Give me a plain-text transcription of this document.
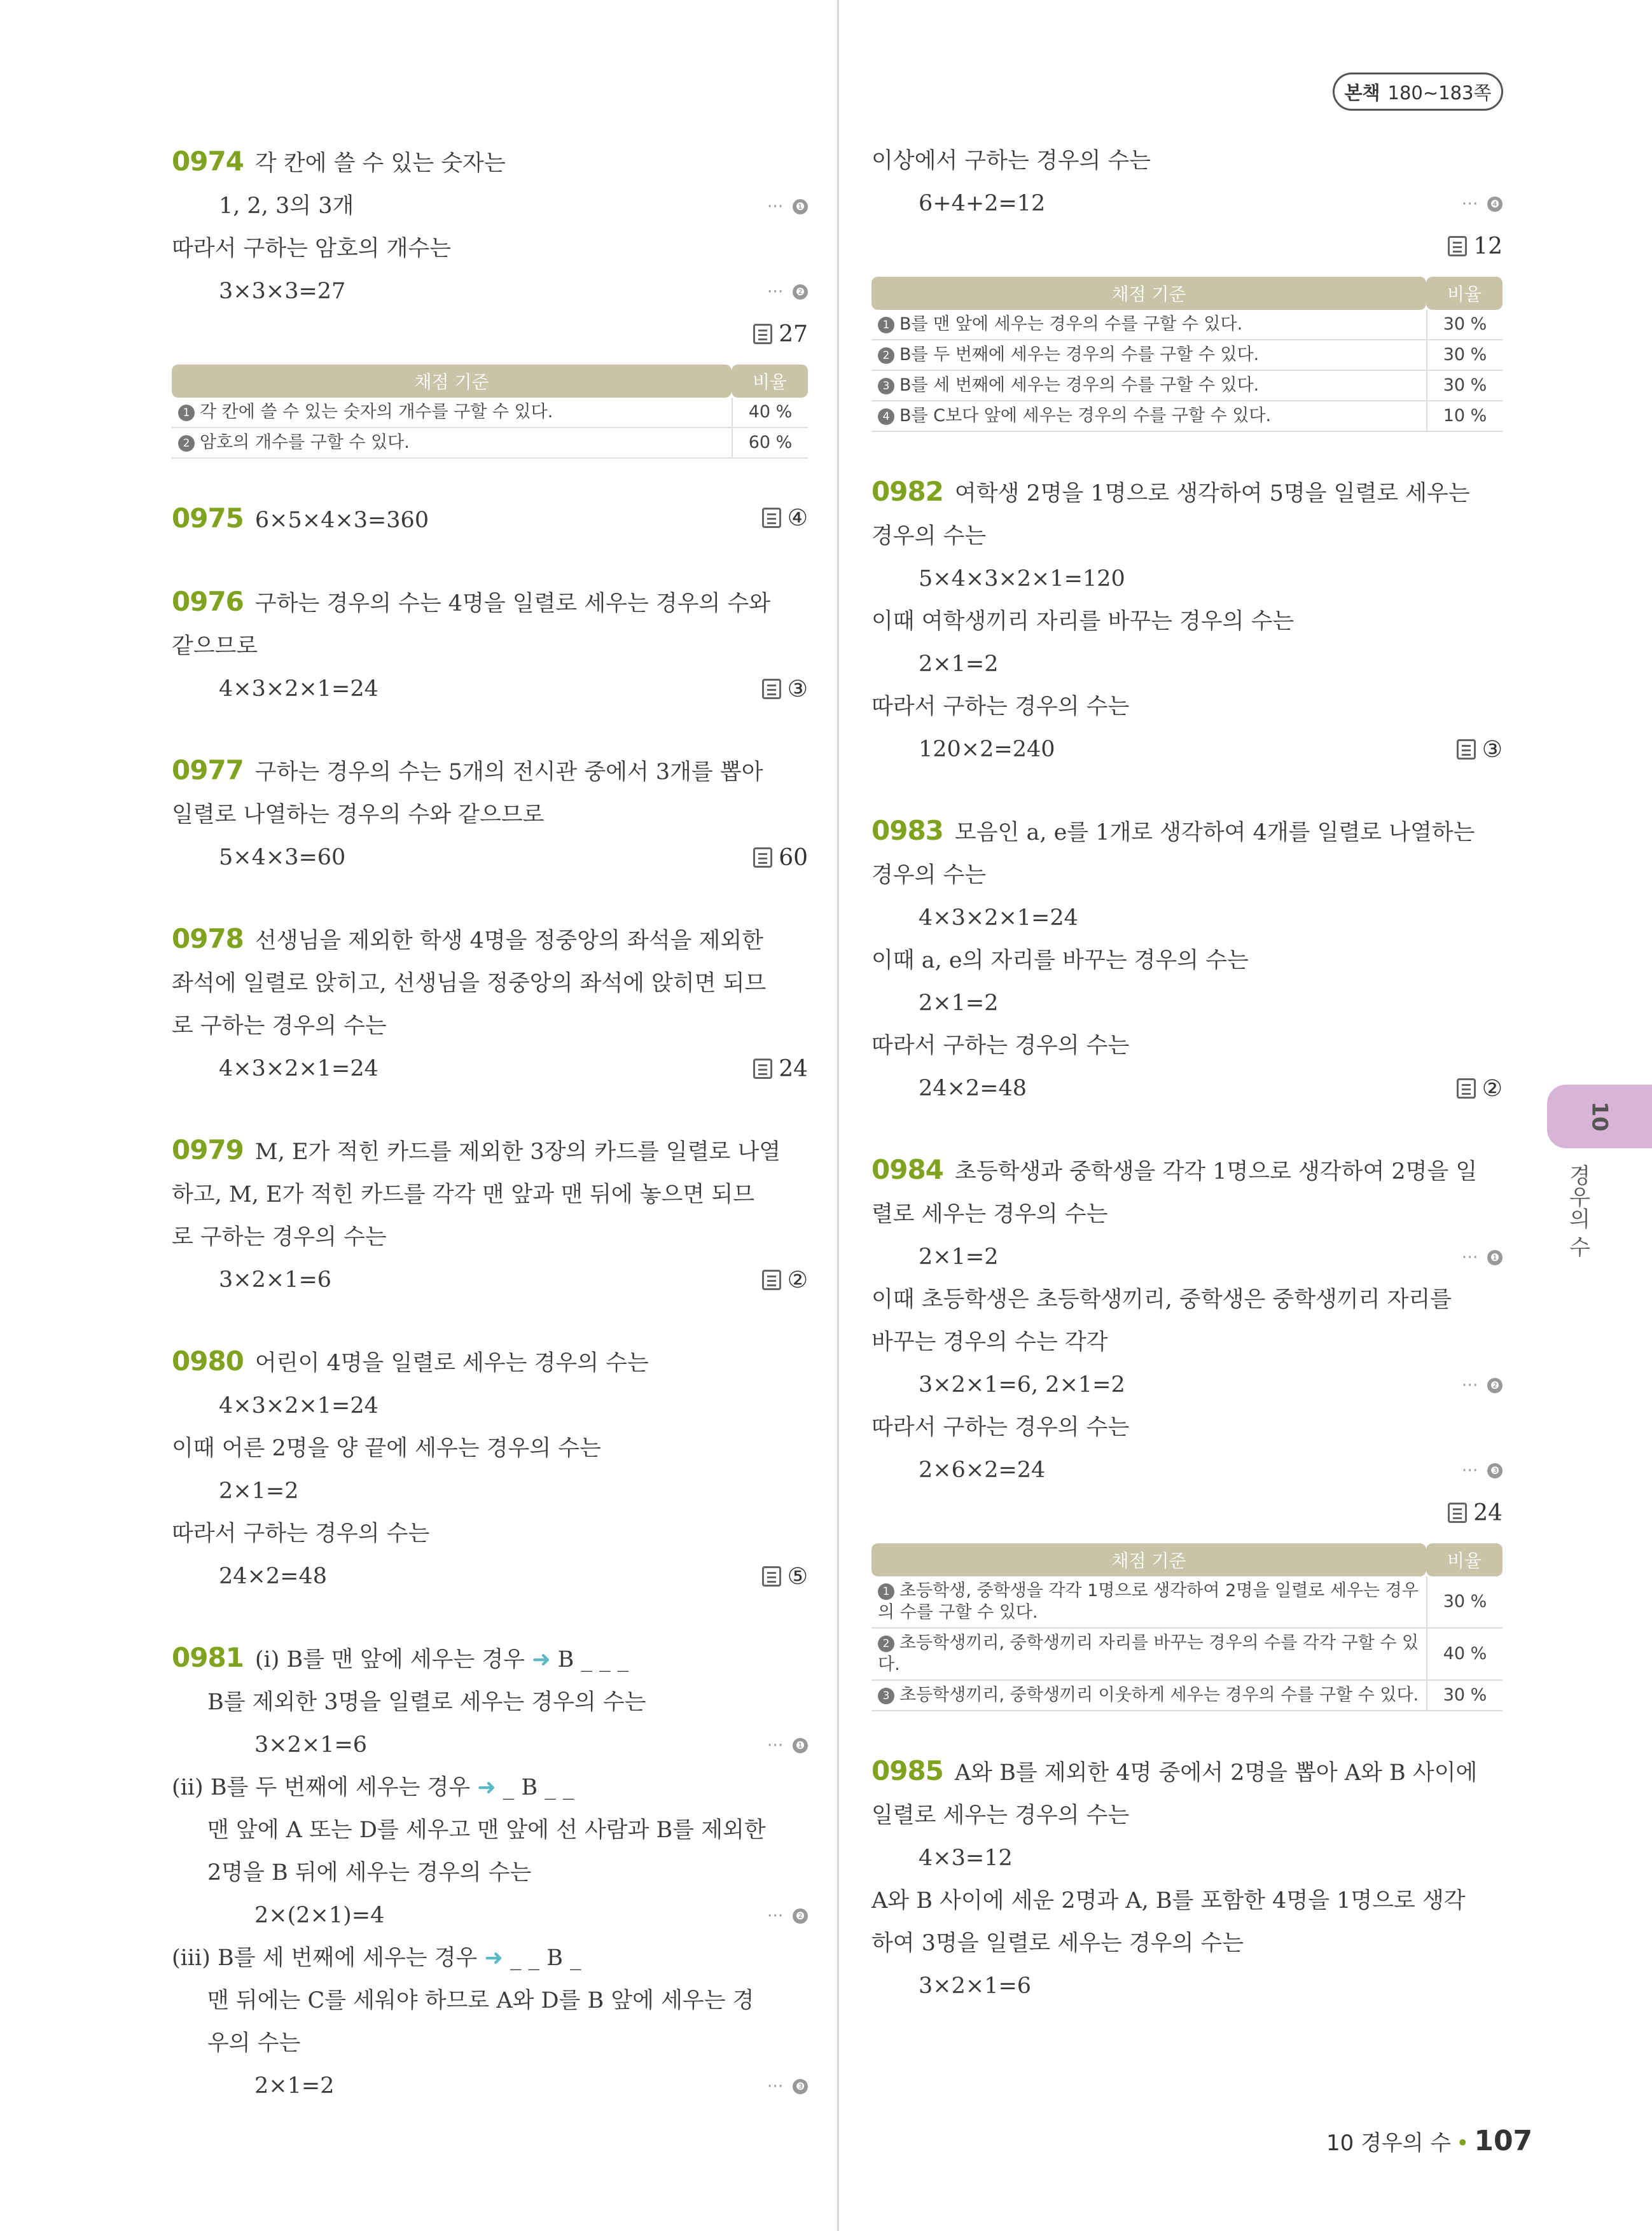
본책 180∼183쪽
0974 각 칸에 쓸 수 있는 숫자는
1, 2, 3의 3개	⋯ ❶
따라서 구하는 암호의 개수는
3×3×3=27	⋯ ❷
27
채점 기준	비율
1 각 칸에 쓸 수 있는 숫자의 개수를 구할 수 있다.	40 %
2 암호의 개수를 구할 수 있다.	60 %
0975 6×5×4×3=360	④
0976 구하는 경우의 수는 4명을 일렬로 세우는 경우의 수와
같으므로
4×3×2×1=24	③
0977 구하는 경우의 수는 5개의 전시관 중에서 3개를 뽑아
일렬로 나열하는 경우의 수와 같으므로
5×4×3=60	60
0978 선생님을 제외한 학생 4명을 정중앙의 좌석을 제외한
좌석에 일렬로 앉히고, 선생님을 정중앙의 좌석에 앉히면 되므
로 구하는 경우의 수는
4×3×2×1=24	24
0979 M, E가 적힌 카드를 제외한 3장의 카드를 일렬로 나열
하고, M, E가 적힌 카드를 각각 맨 앞과 맨 뒤에 놓으면 되므
로 구하는 경우의 수는
3×2×1=6	②
0980 어린이 4명을 일렬로 세우는 경우의 수는
4×3×2×1=24
이때 어른 2명을 양 끝에 세우는 경우의 수는
2×1=2
따라서 구하는 경우의 수는
24×2=48	⑤
0981 (ⅰ) B를 맨 앞에 세우는 경우 ➜ B _ _ _
B를 제외한 3명을 일렬로 세우는 경우의 수는
3×2×1=6	⋯ ❶
(ⅱ) B를 두 번째에 세우는 경우 ➜ _ B _ _
맨 앞에 A 또는 D를 세우고 맨 앞에 선 사람과 B를 제외한
2명을 B 뒤에 세우는 경우의 수는
2×(2×1)=4	⋯ ❷
(ⅲ) B를 세 번째에 세우는 경우 ➜ _ _ B _
맨 뒤에는 C를 세워야 하므로 A와 D를 B 앞에 세우는 경
우의 수는
2×1=2	⋯ ❸
이상에서 구하는 경우의 수는
6+4+2=12	⋯ ❹
12
채점 기준	비율
1 B를 맨 앞에 세우는 경우의 수를 구할 수 있다.	30 %
2 B를 두 번째에 세우는 경우의 수를 구할 수 있다.	30 %
3 B를 세 번째에 세우는 경우의 수를 구할 수 있다.	30 %
4 B를 C보다 앞에 세우는 경우의 수를 구할 수 있다.	10 %
0982 여학생 2명을 1명으로 생각하여 5명을 일렬로 세우는
경우의 수는
5×4×3×2×1=120
이때 여학생끼리 자리를 바꾸는 경우의 수는
2×1=2
따라서 구하는 경우의 수는
120×2=240	③
0983 모음인 a, e를 1개로 생각하여 4개를 일렬로 나열하는
경우의 수는
4×3×2×1=24
이때 a, e의 자리를 바꾸는 경우의 수는
2×1=2
따라서 구하는 경우의 수는
24×2=48	②
0984 초등학생과 중학생을 각각 1명으로 생각하여 2명을 일
렬로 세우는 경우의 수는
2×1=2	⋯ ❶
이때 초등학생은 초등학생끼리, 중학생은 중학생끼리 자리를
바꾸는 경우의 수는 각각
3×2×1=6, 2×1=2	⋯ ❷
따라서 구하는 경우의 수는
2×6×2=24	⋯ ❸
24
채점 기준	비율
1 초등학생, 중학생을 각각 1명으로 생각하여 2명을 일렬로 세우는 경우의 수를 구할 수 있다.	30 %
2 초등학생끼리, 중학생끼리 자리를 바꾸는 경우의 수를 각각 구할 수 있다.	40 %
3 초등학생끼리, 중학생끼리 이웃하게 세우는 경우의 수를 구할 수 있다.	30 %
0985 A와 B를 제외한 4명 중에서 2명을 뽑아 A와 B 사이에
일렬로 세우는 경우의 수는
4×3=12
A와 B 사이에 세운 2명과 A, B를 포함한 4명을 1명으로 생각
하여 3명을 일렬로 세우는 경우의 수는
3×2×1=6
10
경우의 수
10 경우의 수 • 107
